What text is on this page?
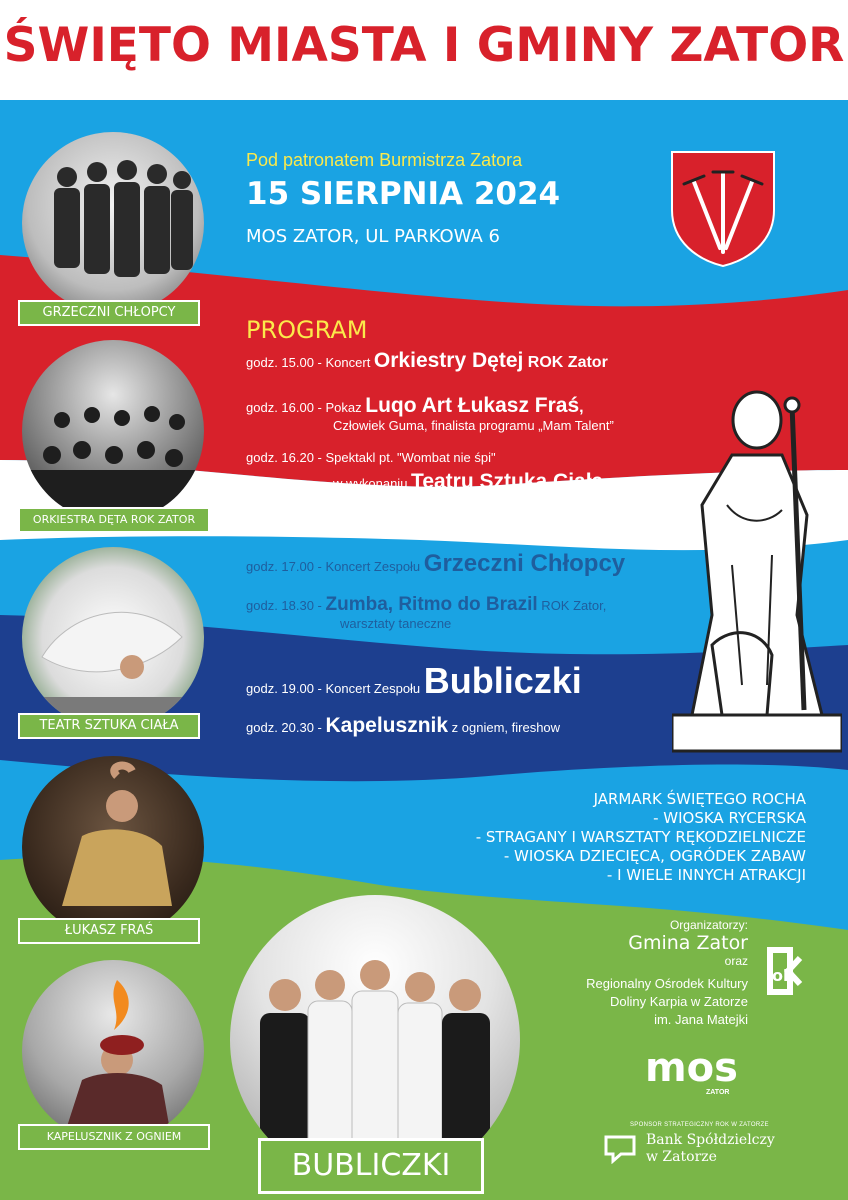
ŚWIĘTO MIASTA I GMINY ZATOR
Pod patronatem Burmistrza Zatora
15 SIERPNIA 2024
MOS ZATOR, UL PARKOWA 6
PROGRAM
godz. 15.00 - Koncert Orkiestry Dętej ROK Zator
godz. 16.00 - Pokaz Luqo Art Łukasz Fraś,
Człowiek Guma, finalista programu „Mam Talent”
godz. 16.20 - Spektakl pt. "Wombat nie śpi"
w wykonaniu Teatru Sztuka Ciała
godz. 17.00 - Koncert Zespołu Grzeczni Chłopcy
godz. 18.30 - Zumba, Ritmo do Brazil ROK Zator,
warsztaty taneczne
godz. 19.00 - Koncert Zespołu Bubliczki
godz. 20.30 - Kapelusznik z ogniem, fireshow
GRZECZNI CHŁOPCY
ORKIESTRA DĘTA ROK ZATOR
TEATR SZTUKA CIAŁA
ŁUKASZ FRAŚ
KAPELUSZNIK Z OGNIEM
JARMARK ŚWIĘTEGO ROCHA
- WIOSKA RYCERSKA
- STRAGANY I WARSZTATY RĘKODZIELNICZE
- WIOSKA DZIECIĘCA, OGRÓDEK ZABAW
- I WIELE INNYCH ATRAKCJI
BUBLICZKI
Organizatorzy:
Gmina Zator
oraz
Regionalny Ośrodek Kultury
Doliny Karpia w Zatorze
im. Jana Matejki
ok
mos
ZATOR
SPONSOR STRATEGICZNY ROK W ZATORZE
Bank Spółdzielczy
w Zatorze
